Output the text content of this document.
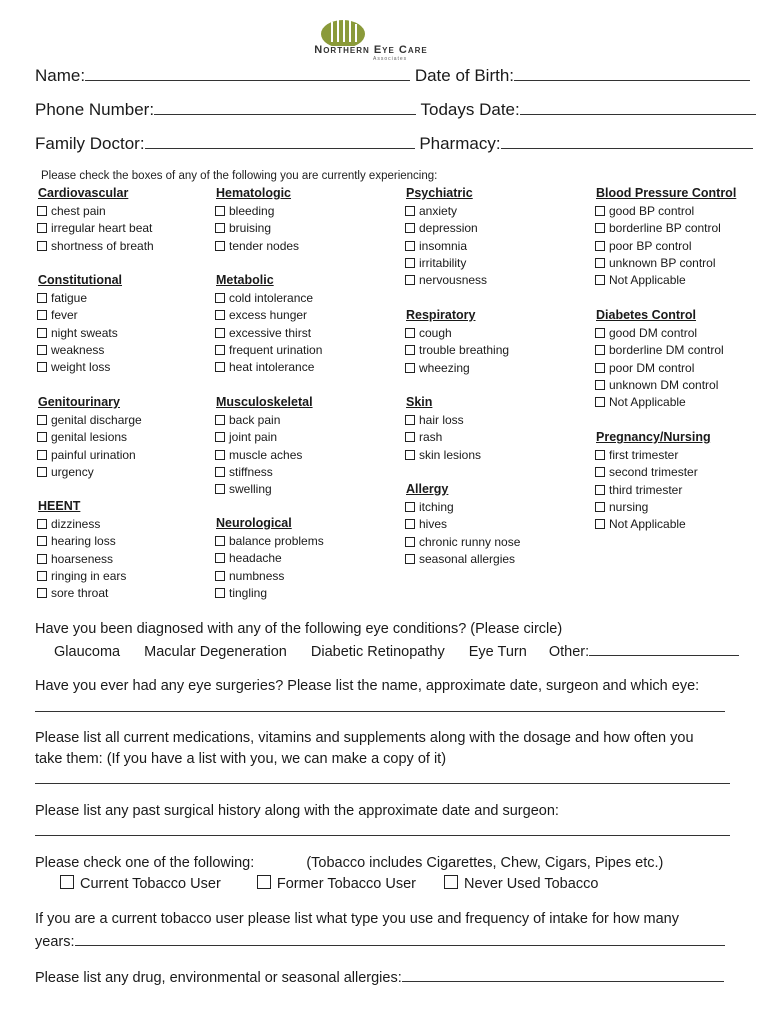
Northern Eye Care
Associates
Name:	Date of Birth:
Phone Number:	Todays Date:
Family Doctor:	Pharmacy:
Please check the boxes of any of the following you are currently experiencing:
Cardiovascular
chest pain
irregular heart beat
shortness of breath
Constitutional
fatigue
fever
night sweats
weakness
weight loss
Genitourinary
genital discharge
genital lesions
painful urination
urgency
HEENT
dizziness
hearing loss
hoarseness
ringing in ears
sore throat
Hematologic
bleeding
bruising
tender nodes
Metabolic
cold intolerance
excess hunger
excessive thirst
frequent urination
heat intolerance
Musculoskeletal
back pain
joint pain
muscle aches
stiffness
swelling
Neurological
balance problems
headache
numbness
tingling
Psychiatric
anxiety
depression
insomnia
irritability
nervousness
Respiratory
cough
trouble breathing
wheezing
Skin
hair loss
rash
skin lesions
Allergy
itching
hives
chronic runny nose
seasonal allergies
Blood Pressure Control
good BP control
borderline BP control
poor BP control
unknown BP control
Not Applicable
Diabetes Control
good DM control
borderline DM control
poor DM control
unknown DM control
Not Applicable
Pregnancy/Nursing
first trimester
second trimester
third trimester
nursing
Not Applicable
Have you been diagnosed with any of the following eye conditions? (Please circle)
Glaucoma Macular Degeneration Diabetic Retinopathy Eye Turn Other:
Have you ever had any eye surgeries? Please list the name, approximate date, surgeon and which eye:
Please list all current medications, vitamins and supplements along with the dosage and how often you
take them: (If you have a list with you, we can make a copy of it)
Please list any past surgical history along with the approximate date and surgeon:
Please check one of the following:	(Tobacco includes Cigarettes, Chew, Cigars, Pipes etc.)
Current Tobacco User	Former Tobacco User	Never Used Tobacco
If you are a current tobacco user please list what type you use and frequency of intake for how many
years:
Please list any drug, environmental or seasonal allergies:
